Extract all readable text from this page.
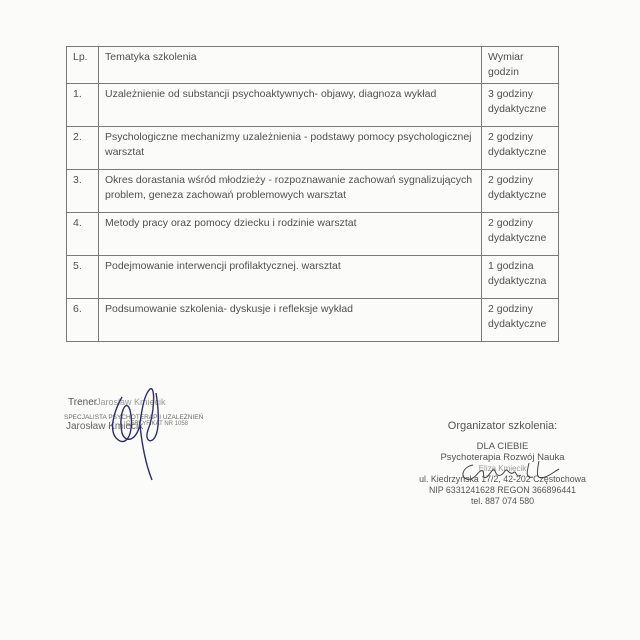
Lp.	Tematyka szkolenia	Wymiar godzin
1.	Uzależnienie od substancji psychoaktywnych- objawy, diagnoza wykład	3 godziny
dydaktyczne
2.	Psychologiczne mechanizmy uzależnienia - podstawy pomocy psychologicznej warsztat	2 godziny
dydaktyczne
3.	Okres dorastania wśród młodzieży - rozpoznawanie zachowań sygnalizujących problem, geneza zachowań problemowych warsztat	2 godziny
dydaktyczne
4.	Metody pracy oraz pomocy dziecku i rodzinie warsztat	2 godziny
dydaktyczne
5.	Podejmowanie interwencji profilaktycznej. warsztat	1 godzina
dydaktyczna
6.	Podsumowanie szkolenia- dyskusje i refleksje wykład	2 godziny
dydaktyczne
Jarosław Kmiecik
Trener
SPECJALISTA PSYCHOTERAPII UZALEŻNIEŃ
Jarosław Kmiecik
CERTYFIKAT NR 1058	Organizator szkolenia:
DLA CIEBIE
Psychoterapia Rozwój Nauka
Eliza Kmiecik
ul. Kiedrzyńska 17/2, 42-202 Częstochowa
NIP 6331241628 REGON 366896441
tel. 887 074 580
